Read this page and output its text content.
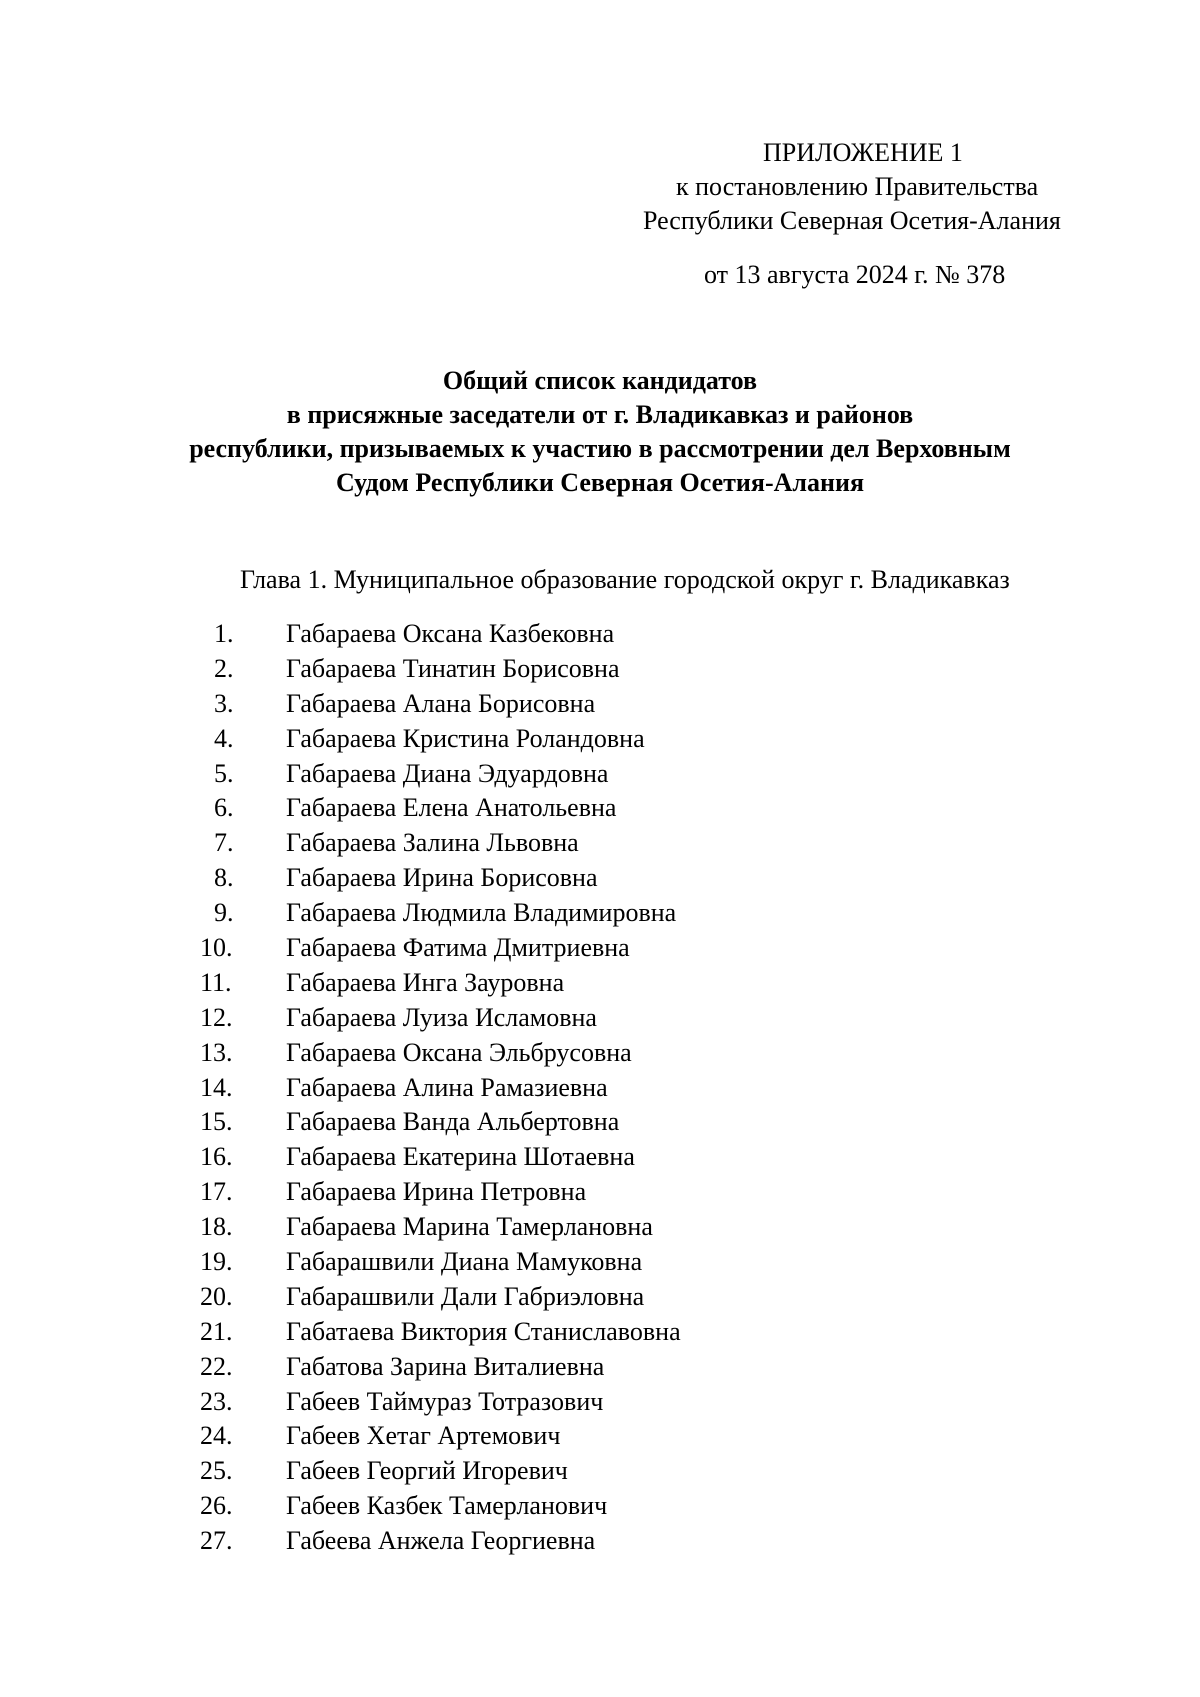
ПРИЛОЖЕНИЕ 1
к постановлению Правительства
Республики Северная Осетия-Алания
от 13 августа 2024 г. № 378
Общий список кандидатов
в присяжные заседатели от г. Владикавказ и районов
республики, призываемых к участию в рассмотрении дел Верховным
Судом Республики Северная Осетия-Алания
Глава 1. Муниципальное образование городской округ г. Владикавказ
1. Габараева Оксана Казбековна
2. Габараева Тинатин Борисовна
3. Габараева Алана Борисовна
4. Габараева Кристина Роландовна
5. Габараева Диана Эдуардовна
6. Габараева Елена Анатольевна
7. Габараева Залина Львовна
8. Габараева Ирина Борисовна
9. Габараева Людмила Владимировна
10. Габараева Фатима Дмитриевна
11. Габараева Инга Зауровна
12. Габараева Луиза Исламовна
13. Габараева Оксана Эльбрусовна
14. Габараева Алина Рамазиевна
15. Габараева Ванда Альбертовна
16. Габараева Екатерина Шотаевна
17. Габараева Ирина Петровна
18. Габараева Марина Тамерлановна
19. Габарашвили Диана Мамуковна
20. Габарашвили Дали Габриэловна
21. Габатаева Виктория Станиславовна
22. Габатова Зарина Виталиевна
23. Габеев Таймураз Тотразович
24. Габеев Хетаг Артемович
25. Габеев Георгий Игоревич
26. Габеев Казбек Тамерланович
27. Габеева Анжела Георгиевна
